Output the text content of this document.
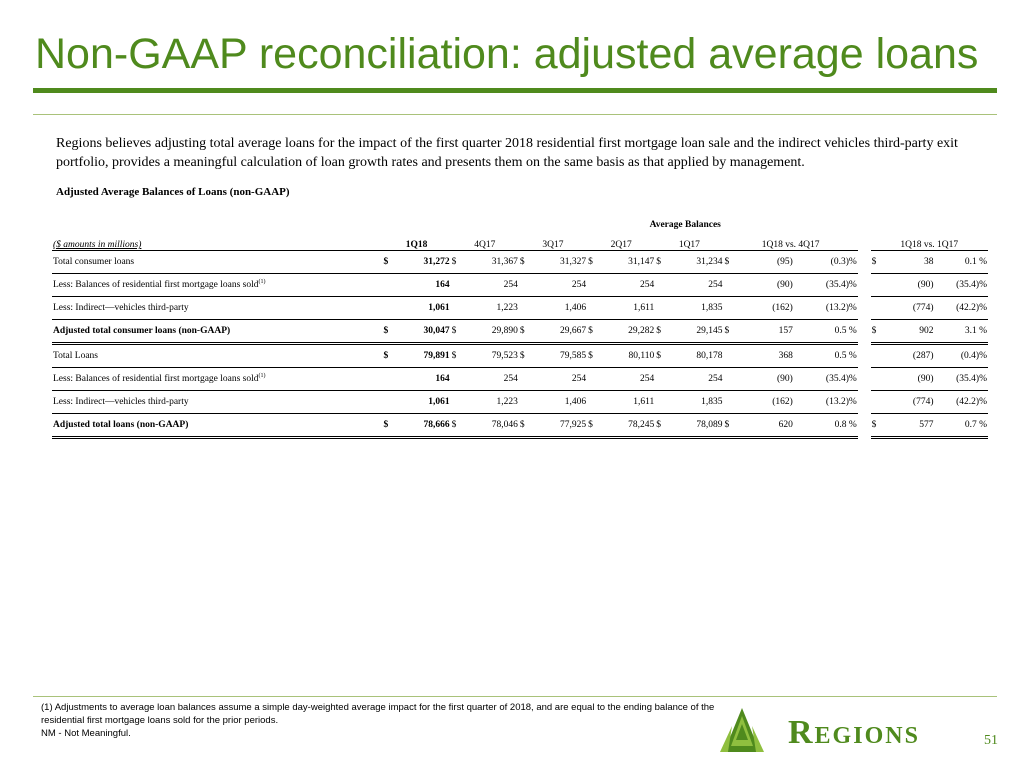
Non-GAAP reconciliation: adjusted average loans

Regions believes adjusting total average loans for the impact of the first quarter 2018 residential first mortgage loan sale and the indirect vehicles third-party exit portfolio, provides a meaningful calculation of loan growth rates and presents them on the same basis as that applied by management.

Adjusted Average Balances of Loans (non-GAAP)

	Average Balances																
($ amounts in millions)	1Q18		4Q17		3Q17		2Q17		1Q17		1Q18 vs. 4Q17				1Q18 vs. 1Q17		
Total consumer loans	$	31,272	$	31,367	$	31,327	$	31,147	$	31,234	$	(95)	(0.3)%		$	38	0.1 %
Less: Balances of residential first mortgage loans sold$^{(1)}$		164		254		254		254		254		(90)	(35.4)%			(90)	(35.4)%
Less: Indirect—vehicles third-party		1,061		1,223		1,406		1,611		1,835		(162)	(13.2)%			(774)	(42.2)%
Adjusted total consumer loans (non-GAAP)	$	30,047	$	29,890	$	29,667	$	29,282	$	29,145	$	157	0.5 %		$	902	3.1 %
Total Loans	$	79,891	$	79,523	$	79,585	$	80,110	$	80,178		368	0.5 %			(287)	(0.4)%
Less: Balances of residential first mortgage loans sold$^{(1)}$		164		254		254		254		254		(90)	(35.4)%			(90)	(35.4)%
Less: Indirect—vehicles third-party		1,061		1,223		1,406		1,611		1,835		(162)	(13.2)%			(774)	(42.2)%
Adjusted total loans (non-GAAP)	$	78,666	$	78,046	$	77,925	$	78,245	$	78,089	$	620	0.8 %		$	577	0.7 %
(1) Adjustments to average loan balances assume a simple day-weighted average impact for the first quarter of 2018, and are equal to the ending balance of the residential first mortgage loans sold for the prior periods.
NM - Not Meaningful.	Regions	51
